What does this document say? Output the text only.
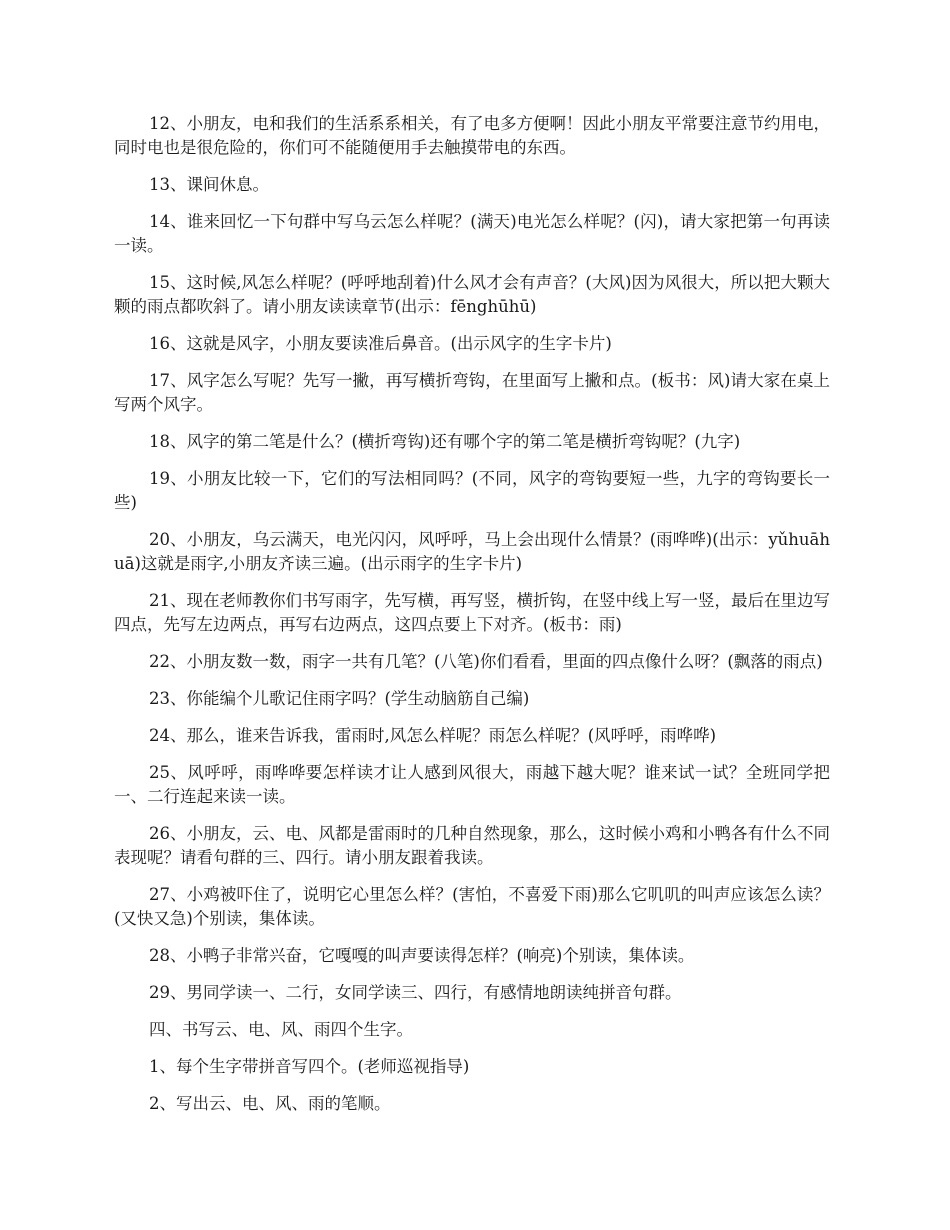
12、小朋友，电和我们的生活系系相关，有了电多方便啊！因此小朋友平常要注意节约用电，同时电也是很危险的，你们可不能随便用手去触摸带电的东西。

13、课间休息。

14、谁来回忆一下句群中写乌云怎么样呢？(满天)电光怎么样呢？(闪)，请大家把第一句再读一读。

15、这时候,风怎么样呢？(呼呼地刮着)什么风才会有声音？(大风)因为风很大，所以把大颗大颗的雨点都吹斜了。请小朋友读读章节(出示：fēnghūhū)

16、这就是风字，小朋友要读准后鼻音。(出示风字的生字卡片)

17、风字怎么写呢？先写一撇，再写横折弯钩，在里面写上撇和点。(板书：风)请大家在桌上写两个风字。

18、风字的第二笔是什么？(横折弯钩)还有哪个字的第二笔是横折弯钩呢？(九字)

19、小朋友比较一下，它们的写法相同吗？(不同，风字的弯钩要短一些，九字的弯钩要长一些)

20、小朋友，乌云满天，电光闪闪，风呼呼，马上会出现什么情景？(雨哗哗)(出示：yǔhuāhuā)这就是雨字,小朋友齐读三遍。(出示雨字的生字卡片)

21、现在老师教你们书写雨字，先写横，再写竖，横折钩，在竖中线上写一竖，最后在里边写四点，先写左边两点，再写右边两点，这四点要上下对齐。(板书：雨)

22、小朋友数一数，雨字一共有几笔？(八笔)你们看看，里面的四点像什么呀？(飘落的雨点)

23、你能编个儿歌记住雨字吗？(学生动脑筋自己编)

24、那么，谁来告诉我，雷雨时,风怎么样呢？雨怎么样呢？(风呼呼，雨哗哗)

25、风呼呼，雨哗哗要怎样读才让人感到风很大，雨越下越大呢？谁来试一试？全班同学把一、二行连起来读一读。

26、小朋友，云、电、风都是雷雨时的几种自然现象，那么，这时候小鸡和小鸭各有什么不同表现呢？请看句群的三、四行。请小朋友跟着我读。

27、小鸡被吓住了，说明它心里怎么样？(害怕，不喜爱下雨)那么它叽叽的叫声应该怎么读？(又快又急)个别读，集体读。

28、小鸭子非常兴奋，它嘎嘎的叫声要读得怎样？(响亮)个别读，集体读。

29、男同学读一、二行，女同学读三、四行，有感情地朗读纯拼音句群。

四、书写云、电、风、雨四个生字。

1、每个生字带拼音写四个。(老师巡视指导)

2、写出云、电、风、雨的笔顺。
